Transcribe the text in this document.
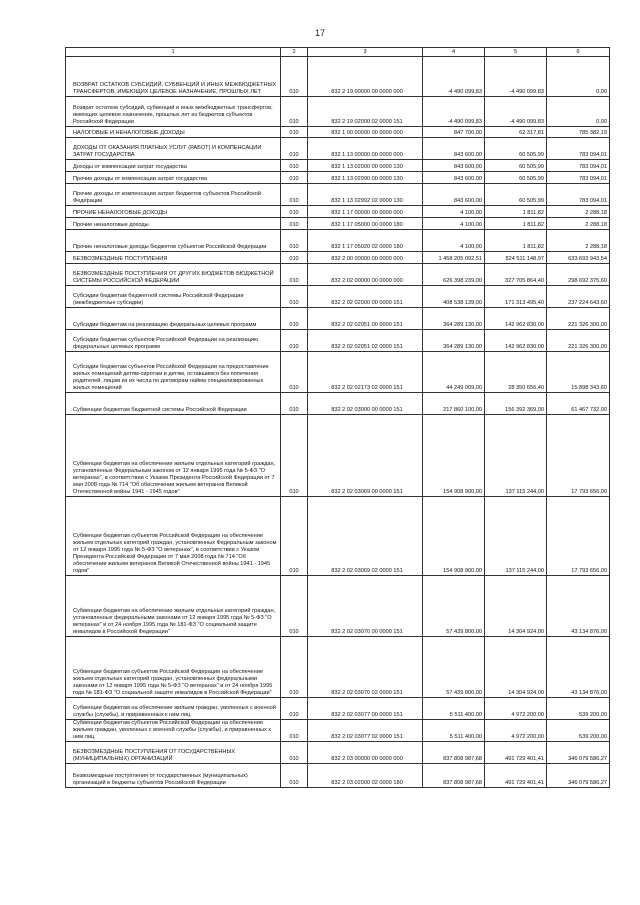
17
1	2	3	4	5	6
ВОЗВРАТ ОСТАТКОВ СУБСИДИЙ, СУБВЕНЦИЙ И ИНЫХ МЕЖБЮДЖЕТНЫХ ТРАНСФЕРТОВ, ИМЕЮЩИХ ЦЕЛЕВОЕ НАЗНАЧЕНИЕ, ПРОШЛЫХ ЛЕТ	010	832 2 19 00000 00 0000 000	-4 490 099,83	-4 490 099,83	0,00
Возврат остатков субсидий, субвенций и иных межбюджетных трансфертов, имеющих целевое назначение, прошлых лет из бюджетов субъектов Российской Федерации	010	832 2 19 02000 02 0000 151	-4 490 099,83	-4 490 099,83	0,00
НАЛОГОВЫЕ И НЕНАЛОГОВЫЕ ДОХОДЫ	010	832 1 00 00000 00 0000 000	847 700,00	62 317,81	785 382,19
ДОХОДЫ ОТ ОКАЗАНИЯ ПЛАТНЫХ УСЛУГ (РАБОТ) И КОМПЕНСАЦИИ ЗАТРАТ ГОСУДАРСТВА	010	832 1 13 00000 00 0000 000	843 600,00	60 505,99	783 094,01
Доходы от компенсации затрат государства	010	832 1 13 02000 00 0000 130	843 600,00	60 505,99	783 094,01
Прочие доходы от компенсации затрат государства	010	832 1 13 02990 00 0000 130	843 600,00	60 505,99	783 094,01
Прочие доходы от компенсации затрат бюджетов субъектов Российской Федерации	010	832 1 13 02992 02 0000 130	843 600,00	60 505,99	783 094,01
ПРОЧИЕ НЕНАЛОГОВЫЕ ДОХОДЫ	010	832 1 17 00000 00 0000 000	4 100,00	1 811,82	2 288,18
Прочие неналоговые доходы	010	832 1 17 05000 00 0000 180	4 100,00	1 811,82	2 288,18
Прочие неналоговые доходы бюджетов субъектов Российской Федерации	010	832 1 17 05020 02 0000 180	4 100,00	1 811,82	2 288,18
БЕЗВОЗМЕЗДНЫЕ ПОСТУПЛЕНИЯ	010	832 2 00 00000 00 0000 000	1 458 205 092,51	824 511 148,97	633 693 943,54
БЕЗВОЗМЕЗДНЫЕ ПОСТУПЛЕНИЯ ОТ ДРУГИХ БЮДЖЕТОВ БЮДЖЕТНОЙ СИСТЕМЫ РОССИЙСКОЙ ФЕДЕРАЦИИ	010	832 2 02 00000 00 0000 000	626 398 239,00	327 705 864,40	298 692 375,60
Субсидии бюджетам бюджетной системы Российской Федерации (межбюджетные субсидии)	010	832 2 02 02000 00 0000 151	408 538 139,00	171 313 495,40	237 224 643,60
Субсидии бюджетам на реализацию федеральных целевых программ	010	832 2 02 02051 00 0000 151	364 289 130,00	142 962 830,00	221 326 300,00
Субсидии бюджетам субъектов Российской Федерации на реализацию федеральных целевых программ	010	832 2 02 02051 02 0000 151	364 289 130,00	142 962 830,00	221 326 300,00
Субсидии бюджетам субъектов Российской Федерации на предоставление жилых помещений детям-сиротам и детям, оставшимся без попечения родителей, лицам из их числа по договорам найма специализированных жилых помещений	010	832 2 02 02173 02 0000 151	44 249 009,00	28 350 656,40	15 898 343,60
Субвенции бюджетам бюджетной системы Российской Федерации	010	832 2 02 03000 00 0000 151	217 860 100,00	156 392 369,00	61 467 732,00
Субвенции бюджетам на обеспечение жильем отдельных категорий граждан, установленных Федеральным законом от 12 января 1995 года № 5-ФЗ "О ветеранах", в соответствии с Указом Президента Российской Федерации от 7 мая 2008 года № 714 "Об обеспечении жильем ветеранов Великой Отечественной войны 1941 - 1945 годов"	010	832 2 02 03069 00 0000 151	154 908 900,00	137 115 244,00	17 793 656,00
Субвенции бюджетам субъектов Российской Федерации на обеспечение жильем отдельных категорий граждан, установленных Федеральным законом от 12 января 1995 года № 5-ФЗ "О ветеранах", в соответствии с Указом Президента Российской Федерации от 7 мая 2008 года № 714 "Об обеспечении жильем ветеранов Великой Отечественной войны 1941 - 1945 годов"	010	832 2 02 03069 02 0000 151	154 908 900,00	137 115 244,00	17 793 656,00
Субвенции бюджетам на обеспечение жильем отдельных категорий граждан, установленных федеральными законами от 12 января 1995 года № 5-ФЗ "О ветеранах" и от 24 ноября 1995 года № 181-ФЗ "О социальной защите инвалидов в Российской Федерации"	010	832 2 02 03070 00 0000 151	57 439 800,00	14 304 924,00	43 134 876,00
Субвенции бюджетам субъектов Российской Федерации на обеспечение жильем отдельных категорий граждан, установленных федеральными законами от 12 января 1995 года № 5-ФЗ "О ветеранах" и от 24 ноября 1995 года № 181-ФЗ "О социальной защите инвалидов в Российской Федерации"	010	832 2 02 03070 02 0000 151	57 439 800,00	14 304 924,00	43 134 876,00
Субвенции бюджетам на обеспечение жильем граждан, уволенных с военной службы (службы), и приравненных к ним лиц	010	832 2 02 03077 00 0000 151	5 511 400,00	4 972 200,00	539 200,00
Субвенции бюджетам субъектов Российской Федерации на обеспечение жильем граждан, уволенных с военной службы (службы), и приравненных к ним лиц	010	832 2 02 03077 02 0000 151	5 511 400,00	4 972 200,00	539 200,00
БЕЗВОЗМЕЗДНЫЕ ПОСТУПЛЕНИЯ ОТ ГОСУДАРСТВЕННЫХ (МУНИЦИПАЛЬНЫХ) ОРГАНИЗАЦИЙ	010	832 2 03 00000 00 0000 000	837 808 987,68	491 729 401,41	346 079 586,27
Безвозмездные поступления от государственных (муниципальных) организаций в бюджеты субъектов Российской Федерации	010	832 2 03 02000 02 0000 180	837 808 987,68	491 729 401,41	346 079 586,27
